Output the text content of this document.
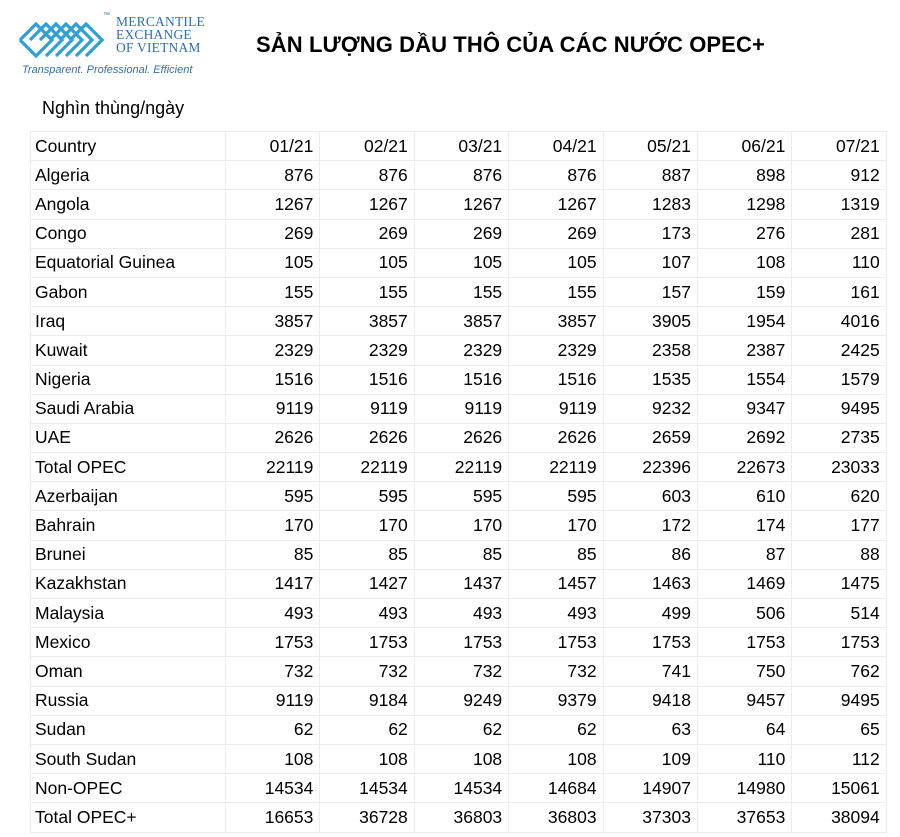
™ MERCANTILE
EXCHANGE
OF VIETNAM
Transparent. Professional. Efficient
SẢN LƯỢNG DẦU THÔ CỦA CÁC NƯỚC OPEC+
Nghìn thùng/ngày
Country	01/21	02/21	03/21	04/21	05/21	06/21	07/21
Algeria	876	876	876	876	887	898	912
Angola	1267	1267	1267	1267	1283	1298	1319
Congo	269	269	269	269	173	276	281
Equatorial Guinea	105	105	105	105	107	108	110
Gabon	155	155	155	155	157	159	161
Iraq	3857	3857	3857	3857	3905	1954	4016
Kuwait	2329	2329	2329	2329	2358	2387	2425
Nigeria	1516	1516	1516	1516	1535	1554	1579
Saudi Arabia	9119	9119	9119	9119	9232	9347	9495
UAE	2626	2626	2626	2626	2659	2692	2735
Total OPEC	22119	22119	22119	22119	22396	22673	23033
Azerbaijan	595	595	595	595	603	610	620
Bahrain	170	170	170	170	172	174	177
Brunei	85	85	85	85	86	87	88
Kazakhstan	1417	1427	1437	1457	1463	1469	1475
Malaysia	493	493	493	493	499	506	514
Mexico	1753	1753	1753	1753	1753	1753	1753
Oman	732	732	732	732	741	750	762
Russia	9119	9184	9249	9379	9418	9457	9495
Sudan	62	62	62	62	63	64	65
South Sudan	108	108	108	108	109	110	112
Non-OPEC	14534	14534	14534	14684	14907	14980	15061
Total OPEC+	16653	36728	36803	36803	37303	37653	38094
